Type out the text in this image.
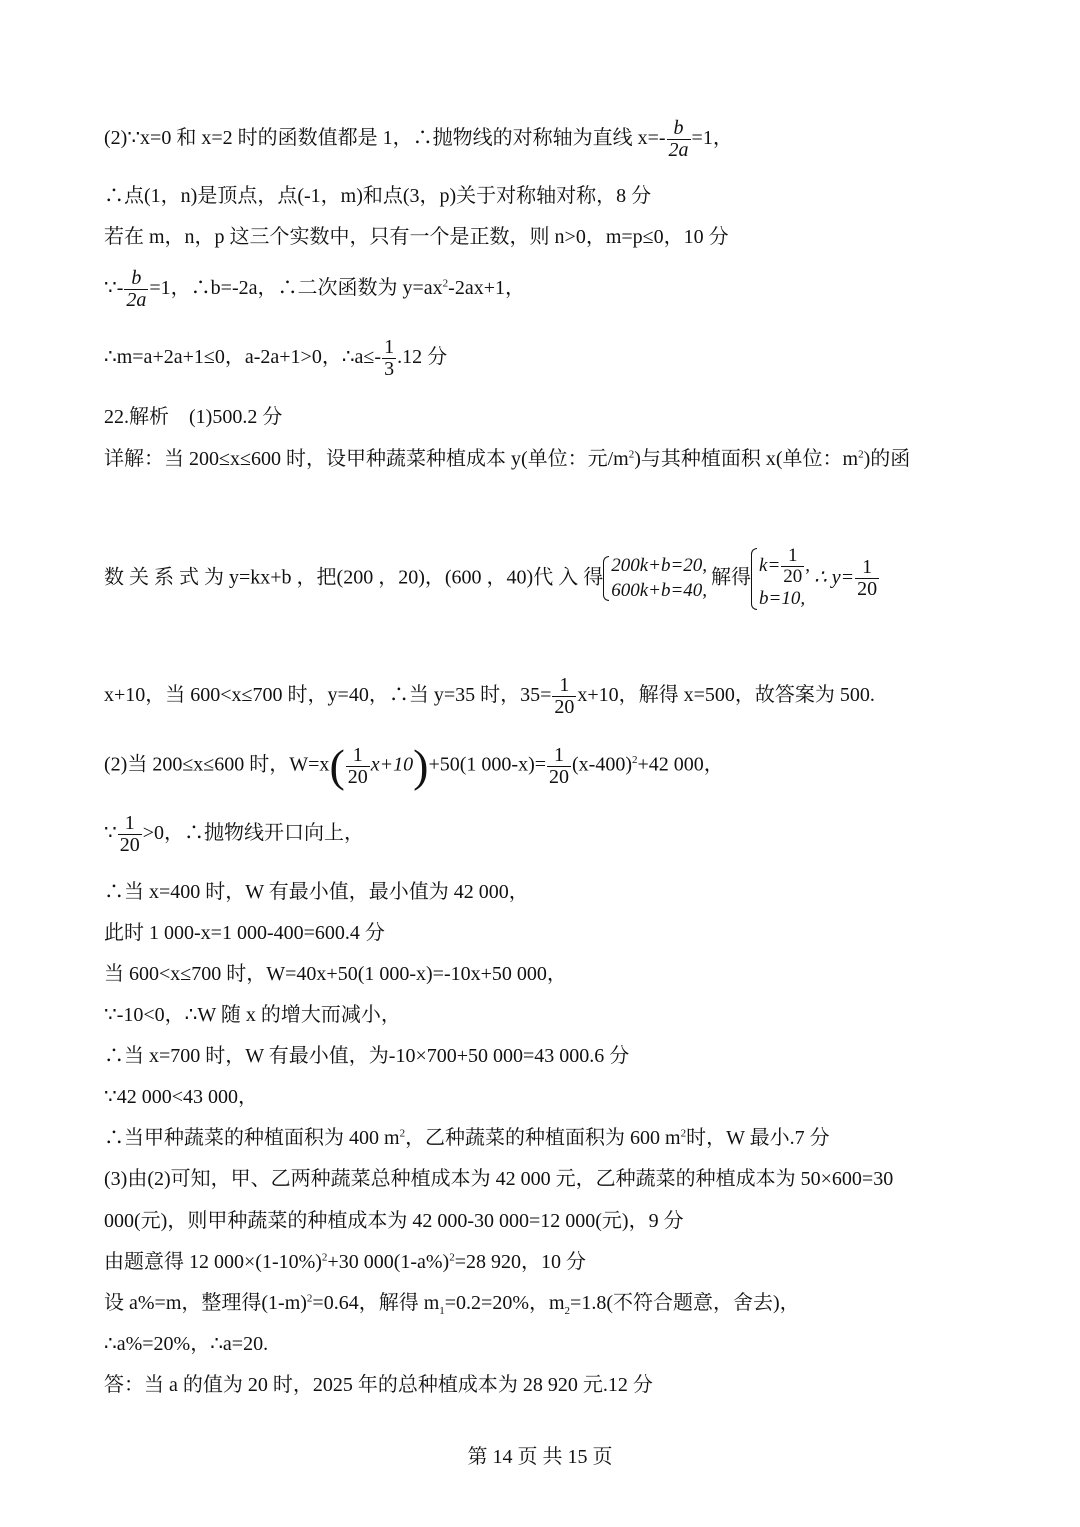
(2)∵x=0 和 x=2 时的函数值都是 1，∴抛物线的对称轴为直线 $x=- \frac{b}{2a} =1$，
∴点(1，n)是顶点，点(-1，m)和点(3，p)关于对称轴对称，8 分
若在 m，n，p 这三个实数中，只有一个是正数，则 n>0，m=p≤0，10 分
∵- $\frac{b}{2a} =1$，∴b=-2a，∴二次函数为 $y=ax^2-2ax+1$，
∴m=a+2a+1≤0，a-2a+1>0，∴a≤- $\frac{1}{3} .12$ 分
22.解析　(1)500.2 分
详解：当 200≤x≤600 时，设甲种蔬菜种植成本 y(单位：元$/m^2$)与其种植面积 x(单位：$m^2$)的函
数 关 系 式 为 y=kx+b ，把(200 ，20)，(600 ，40)代 入 得
200k+b=20,
600k+b=40,
解得
$k= \frac{1}{20}$ ,
b=10,
∴ $y= \frac{1}{20}$
x+10，当 600<x≤700 时，y=40，∴当 y=35 时，$35= \frac{1}{20} x+10$，解得 x=500，故答案为 500.
(2)当 200≤x≤600 时，$W=x( \frac{1}{20} x+10)+50(1$ $000-x)= \frac{1}{20} (x-400)^2+42$ 000，
∵ $\frac{1}{20} >0$，∴抛物线开口向上，
∴当 x=400 时，W 有最小值，最小值为 42 000，
此时 1 000-x=1 000-400=600.4 分
当 600<x≤700 时，W=40x+50(1 000-x)=-10x+50 000，
∵-10<0，∴W 随 x 的增大而减小，
∴当 x=700 时，W 有最小值，为-10×700+50 000=43 000.6 分
∵42 000<43 000，
∴当甲种蔬菜的种植面积为 400 $m^2$，乙种蔬菜的种植面积为 600 $m^2$时，W 最小.7 分
(3)由(2)可知，甲、乙两种蔬菜总种植成本为 42 000 元，乙种蔬菜的种植成本为 50×600=30
000(元)，则甲种蔬菜的种植成本为 42 000-30 000=12 000(元)，9 分
由题意得 12 $000\times(1-10\%)^2+30$ $000(1-a\%)^2=28$ 920，10 分
设 a%=m，整理得$(1-m)^2=0.64$，解得 $m_1=0.2=20\%$，$m_2=1.8$(不符合题意，舍去)，
∴a%=20%，∴a=20.
答：当 a 的值为 20 时，2025 年的总种植成本为 28 920 元.12 分
第 14 页 共 15 页
